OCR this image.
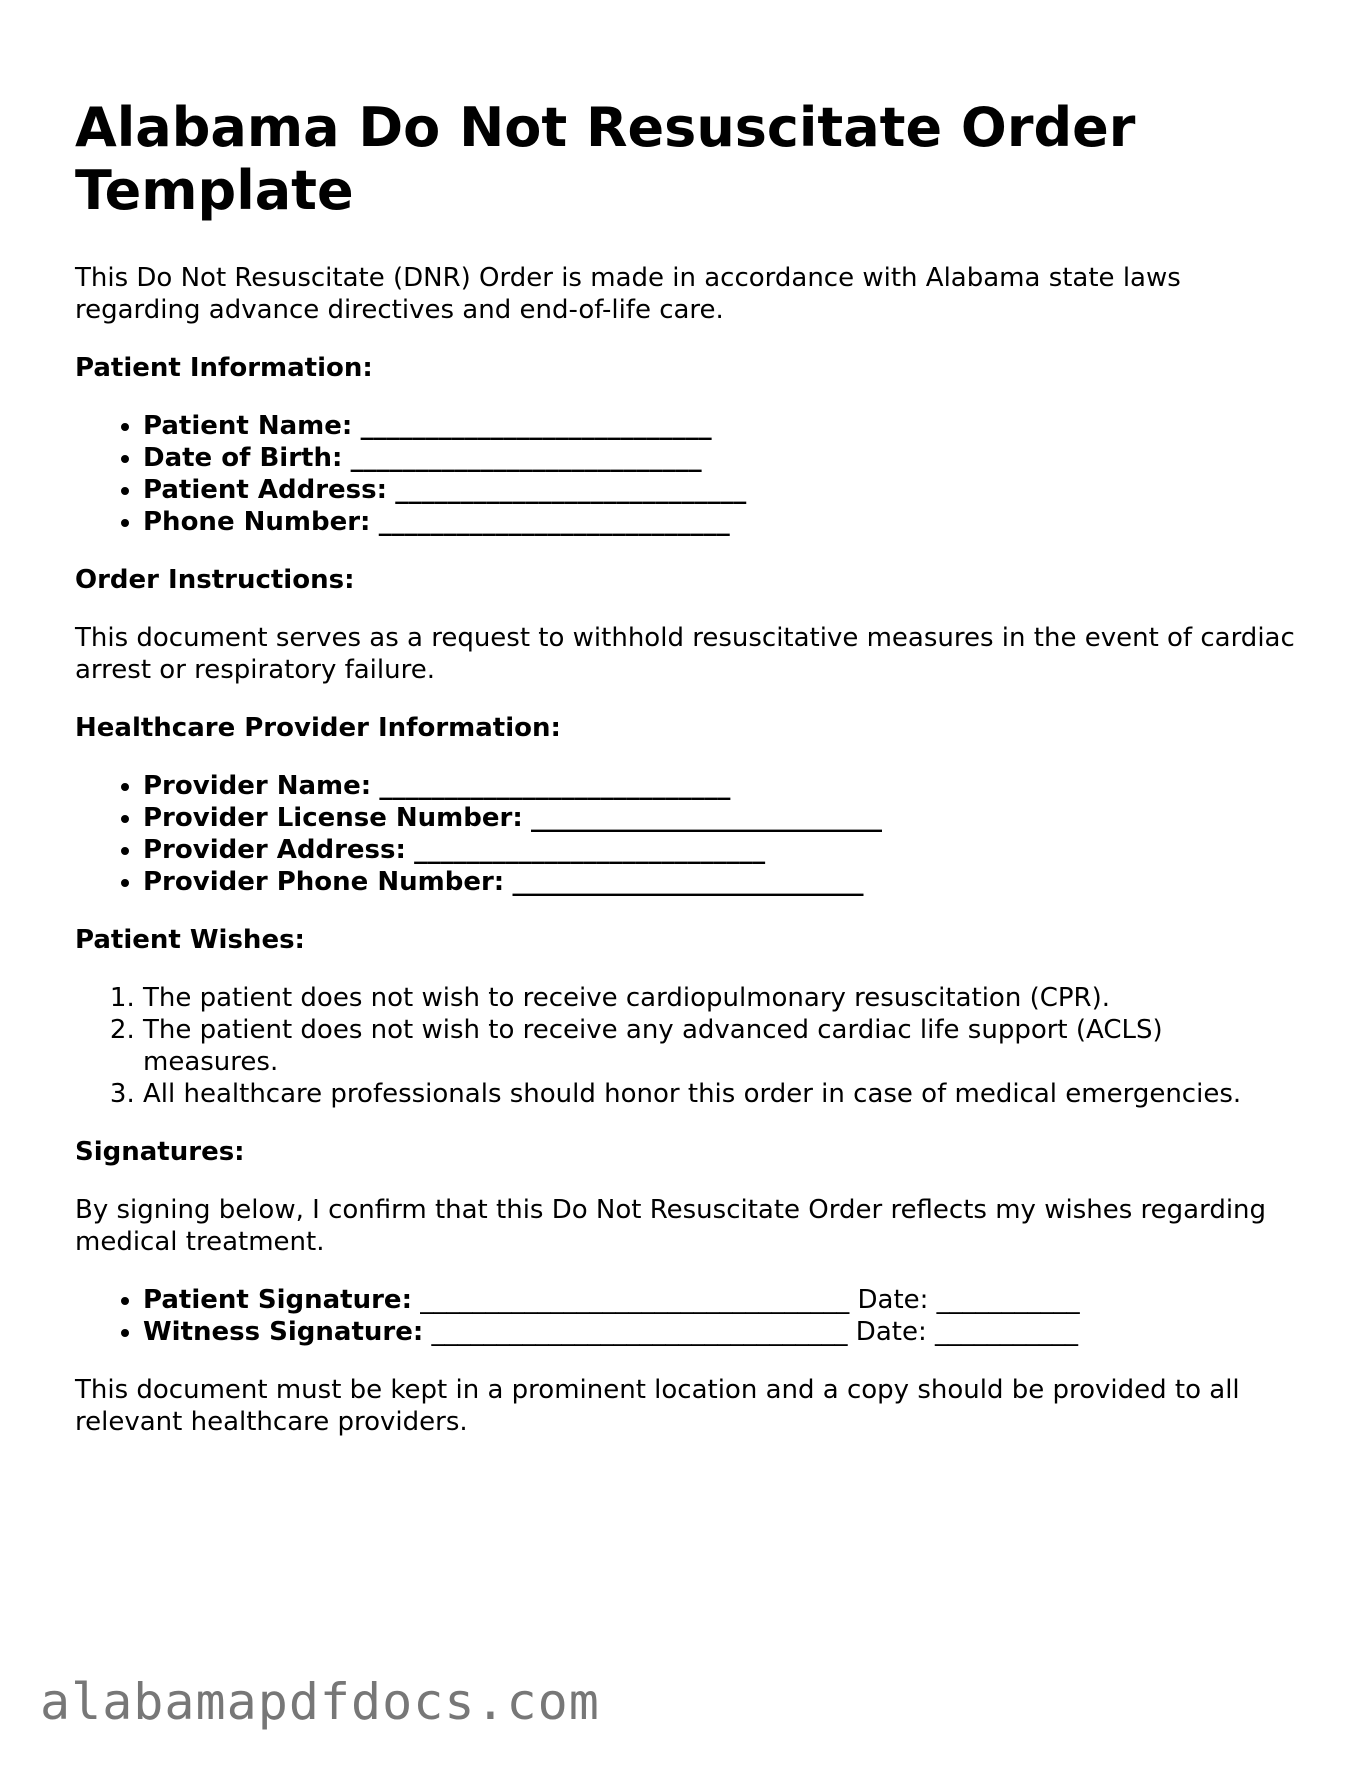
Alabama Do Not Resuscitate Order Template

This Do Not Resuscitate (DNR) Order is made in accordance with Alabama state laws regarding advance directives and end-of-life care.

Patient Information:
• Patient Name: ___________________________
• Date of Birth: ___________________________
• Patient Address: ___________________________
• Phone Number: ___________________________
Order Instructions:

This document serves as a request to withhold resuscitative measures in the event of cardiac arrest or respiratory failure.

Healthcare Provider Information:
• Provider Name: ___________________________
• Provider License Number: ___________________________
• Provider Address: ___________________________
• Provider Phone Number: ___________________________
Patient Wishes:
1. The patient does not wish to receive cardiopulmonary resuscitation (CPR).
2. The patient does not wish to receive any advanced cardiac life support (ACLS) measures.
3. All healthcare professionals should honor this order in case of medical emergencies.
Signatures:

By signing below, I confirm that this Do Not Resuscitate Order reflects my wishes regarding medical treatment.

• Patient Signature: _________________________________ Date: ___________
• Witness Signature: ________________________________ Date: ___________

This document must be kept in a prominent location and a copy should be provided to all relevant healthcare providers.

alabamapdfdocs.com
